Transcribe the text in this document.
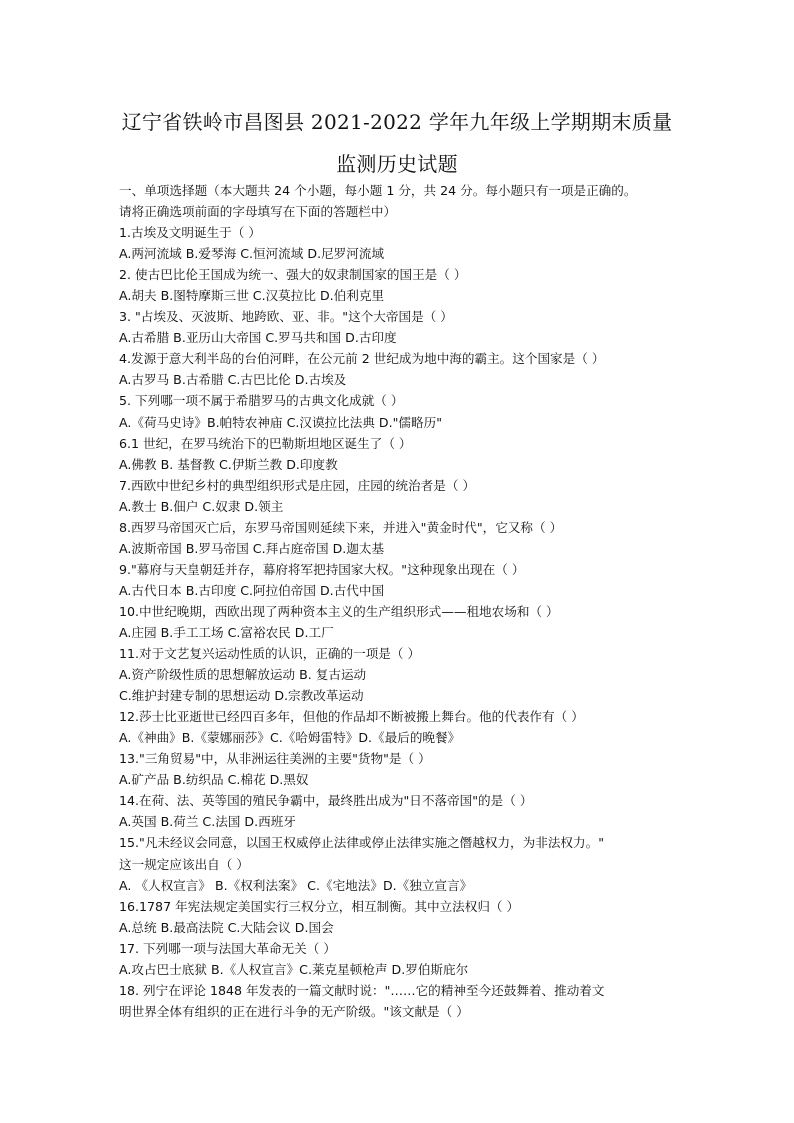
辽宁省铁岭市昌图县 2021-2022 学年九年级上学期期末质量
监测历史试题
一、单项选择题（本大题共 24 个小题，每小题 1 分，共 24 分。每小题只有一项是正确的。
请将正确选项前面的字母填写在下面的答题栏中）
1.古埃及文明诞生于（ ）
A.两河流域 B.爱琴海 C.恒河流域 D.尼罗河流域
2. 使古巴比伦王国成为统一、强大的奴隶制国家的国王是（ ）
A.胡夫 B.图特摩斯三世 C.汉莫拉比 D.伯利克里
3. "占埃及、灭波斯、地跨欧、亚、非。"这个大帝国是（ ）
A.古希腊 B.亚历山大帝国 C.罗马共和国 D.古印度
4.发源于意大利半岛的台伯河畔，在公元前 2 世纪成为地中海的霸主。这个国家是（ ）
A.古罗马 B.古希腊 C.古巴比伦 D.古埃及
5. 下列哪一项不属于希腊罗马的古典文化成就（ ）
A.《荷马史诗》B.帕特农神庙 C.汉谟拉比法典 D."儒略历"
6.1 世纪，在罗马统治下的巴勒斯坦地区诞生了（ ）
A.佛教 B. 基督教 C.伊斯兰教 D.印度教
7.西欧中世纪乡村的典型组织形式是庄园，庄园的统治者是（ ）
A.教士 B.佃户 C.奴隶 D.领主
8.西罗马帝国灭亡后，东罗马帝国则延续下来，并进入"黄金时代"，它又称（ ）
A.波斯帝国 B.罗马帝国 C.拜占庭帝国 D.迦太基
9."幕府与天皇朝廷并存，幕府将军把持国家大权。"这种现象出现在（ ）
A.古代日本 B.古印度 C.阿拉伯帝国 D.古代中国
10.中世纪晚期，西欧出现了两种资本主义的生产组织形式——租地农场和（ ）
A.庄园 B.手工工场 C.富裕农民 D.工厂
11.对于文艺复兴运动性质的认识，正确的一项是（ ）
A.资产阶级性质的思想解放运动 B. 复古运动
C.维护封建专制的思想运动 D.宗教改革运动
12.莎士比亚逝世已经四百多年，但他的作品却不断被搬上舞台。他的代表作有（ ）
A.《神曲》B.《蒙娜丽莎》C.《哈姆雷特》D.《最后的晚餐》
13."三角贸易"中，从非洲运往美洲的主要"货物"是（ ）
A.矿产品 B.纺织品 C.棉花 D.黑奴
14.在荷、法、英等国的殖民争霸中，最终胜出成为"日不落帝国"的是（ ）
A.英国 B.荷兰 C.法国 D.西班牙
15."凡未经议会同意，以国王权威停止法律或停止法律实施之僭越权力，为非法权力。"
这一规定应该出自（ ）
A. 《人权宣言》 B.《权利法案》 C.《宅地法》D.《独立宣言》
16.1787 年宪法规定美国实行三权分立，相互制衡。其中立法权归（ ）
A.总统 B.最高法院 C.大陆会议 D.国会
17. 下列哪一项与法国大革命无关（ ）
A.攻占巴士底狱 B.《人权宣言》C.莱克星顿枪声 D.罗伯斯庇尔
18. 列宁在评论 1848 年发表的一篇文献时说："……它的精神至今还鼓舞着、推动着文
明世界全体有组织的正在进行斗争的无产阶级。"该文献是（ ）
